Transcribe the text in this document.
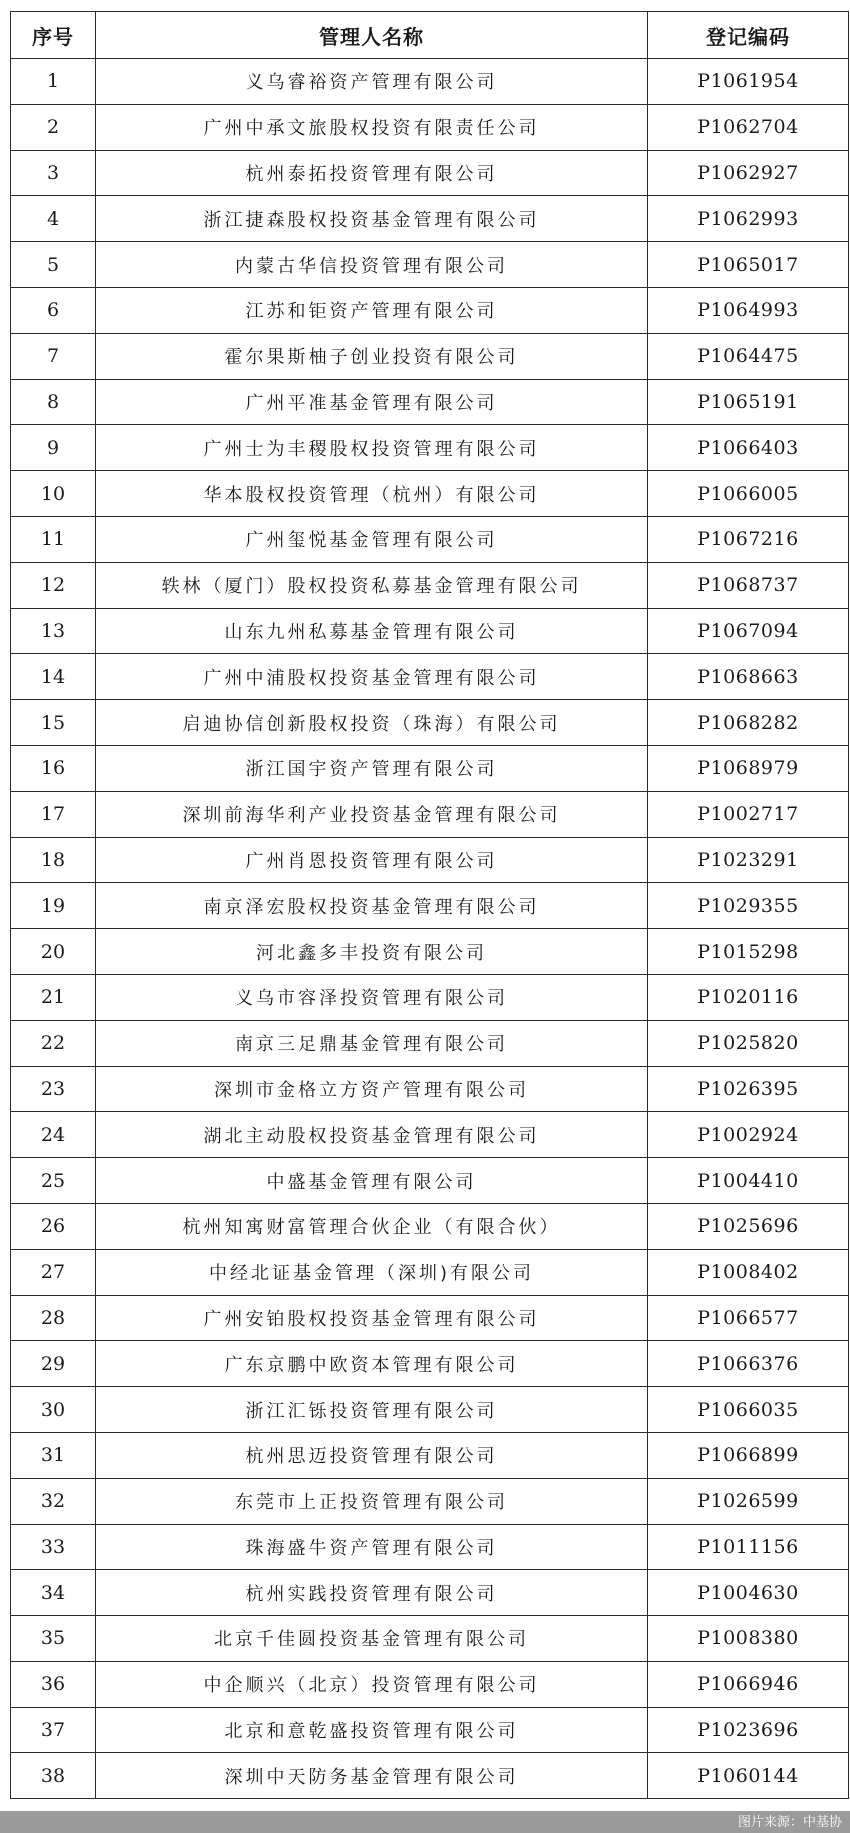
序号	管理人名称	登记编码
1	义乌睿裕资产管理有限公司	P1061954
2	广州中承文旅股权投资有限责任公司	P1062704
3	杭州泰拓投资管理有限公司	P1062927
4	浙江捷森股权投资基金管理有限公司	P1062993
5	内蒙古华信投资管理有限公司	P1065017
6	江苏和钜资产管理有限公司	P1064993
7	霍尔果斯柚子创业投资有限公司	P1064475
8	广州平准基金管理有限公司	P1065191
9	广州士为丰稷股权投资管理有限公司	P1066403
10	华本股权投资管理（杭州）有限公司	P1066005
11	广州玺悦基金管理有限公司	P1067216
12	轶林（厦门）股权投资私募基金管理有限公司	P1068737
13	山东九州私募基金管理有限公司	P1067094
14	广州中浦股权投资基金管理有限公司	P1068663
15	启迪协信创新股权投资（珠海）有限公司	P1068282
16	浙江国宇资产管理有限公司	P1068979
17	深圳前海华利产业投资基金管理有限公司	P1002717
18	广州肖恩投资管理有限公司	P1023291
19	南京泽宏股权投资基金管理有限公司	P1029355
20	河北鑫多丰投资有限公司	P1015298
21	义乌市容泽投资管理有限公司	P1020116
22	南京三足鼎基金管理有限公司	P1025820
23	深圳市金格立方资产管理有限公司	P1026395
24	湖北主动股权投资基金管理有限公司	P1002924
25	中盛基金管理有限公司	P1004410
26	杭州知寓财富管理合伙企业（有限合伙）	P1025696
27	中经北证基金管理（深圳)有限公司	P1008402
28	广州安铂股权投资基金管理有限公司	P1066577
29	广东京鹏中欧资本管理有限公司	P1066376
30	浙江汇铄投资管理有限公司	P1066035
31	杭州思迈投资管理有限公司	P1066899
32	东莞市上正投资管理有限公司	P1026599
33	珠海盛牛资产管理有限公司	P1011156
34	杭州实践投资管理有限公司	P1004630
35	北京千佳圆投资基金管理有限公司	P1008380
36	中企顺兴（北京）投资管理有限公司	P1066946
37	北京和意乾盛投资管理有限公司	P1023696
38	深圳中天防务基金管理有限公司	P1060144
图片来源：中基协
